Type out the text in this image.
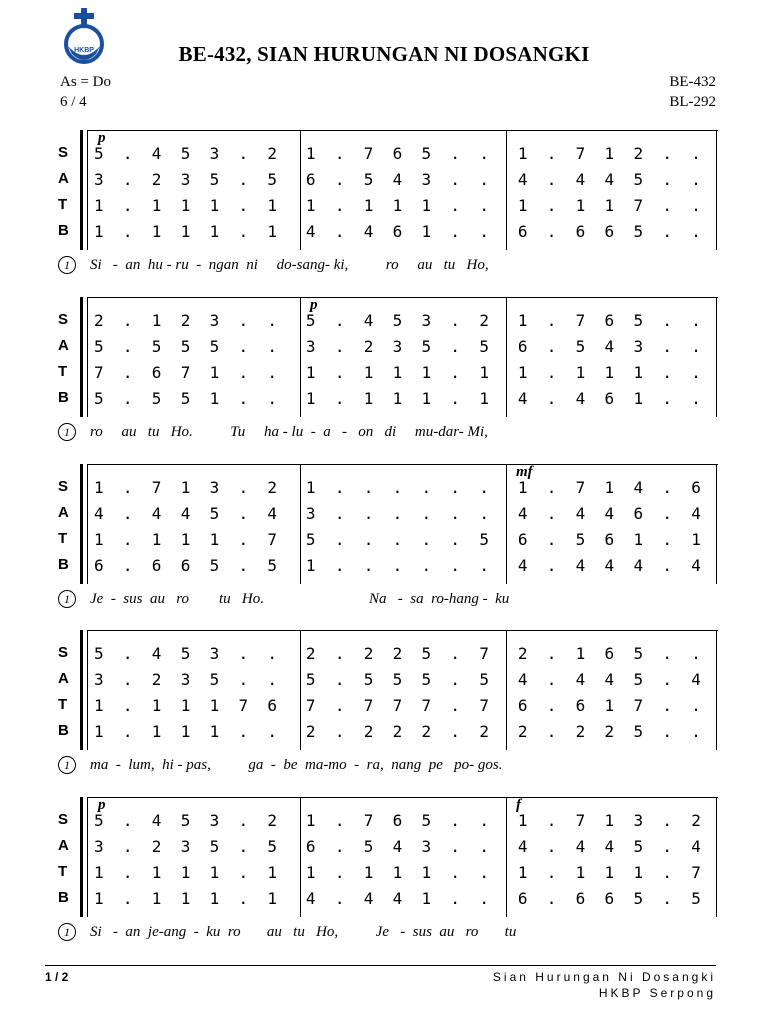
HKBP	BE-432, SIAN HURUNGAN NI DOSANGKI
As = Do
6 / 4
BE-432
BL-292
p
S 5  .  4  5  3  .  2   1  .  7  6  5  .  .   1  .  7  1  2  .  .
A 3  .  2  3  5  .  5   6  .  5  4  3  .  .   4  .  4  4  5  .  .
T 1  .  1  1  1  .  1   1  .  1  1  1  .  .   1  .  1  1  7  .  .
B 1  .  1  1  1  .  1   4  .  4  6  1  .  .   6  .  6  6  5  .  .
1 Si   -  an  hu - ru  -  ngan  ni     do-sang- ki,          ro     au   tu   Ho,
p
S 2  .  1  2  3  .  .   5  .  4  5  3  .  2   1  .  7  6  5  .  .
A 5  .  5  5  5  .  .   3  .  2  3  5  .  5   6  .  5  4  3  .  .
T 7  .  6  7  1  .  .   1  .  1  1  1  .  1   1  .  1  1  1  .  .
B 5  .  5  5  1  .  .   1  .  1  1  1  .  1   4  .  4  6  1  .  .
1 ro     au   tu   Ho.          Tu     ha - lu  -  a   -   on   di     mu-dar- Mi,
mf
S 1  .  7  1  3  .  2   1  .  .  .  .  .  .   1  .  7  1  4  .  6
A 4  .  4  4  5  .  4   3  .  .  .  .  .  .   4  .  4  4  6  .  4
T 1  .  1  1  1  .  7   5  .  .  .  .  .  5   6  .  5  6  1  .  1
B 6  .  6  6  5  .  5   1  .  .  .  .  .  .   4  .  4  4  4  .  4
1 Je  -  sus  au   ro        tu   Ho.                            Na   -  sa  ro-hang -  ku
S 5  .  4  5  3  .  .   2  .  2  2  5  .  7   2  .  1  6  5  .  .
A 3  .  2  3  5  .  .   5  .  5  5  5  .  5   4  .  4  4  5  .  4
T 1  .  1  1  1  7  6   7  .  7  7  7  .  7   6  .  6  1  7  .  .
B 1  .  1  1  1  .  .   2  .  2  2  2  .  2   2  .  2  2  5  .  .
1 ma  -  lum,  hi - pas,          ga  -  be  ma-mo  -  ra,  nang  pe   po- gos.
p	f
S 5  .  4  5  3  .  2   1  .  7  6  5  .  .   1  .  7  1  3  .  2
A 3  .  2  3  5  .  5   6  .  5  4  3  .  .   4  .  4  4  5  .  4
T 1  .  1  1  1  .  1   1  .  1  1  1  .  .   1  .  1  1  1  .  7
B 1  .  1  1  1  .  1   4  .  4  4  1  .  .   6  .  6  6  5  .  5
1 Si   -  an  je-ang  -  ku  ro       au   tu   Ho,          Je   -  sus  au   ro       tu
1 / 2	Sian Hurungan Ni Dosangki
HKBP Serpong
